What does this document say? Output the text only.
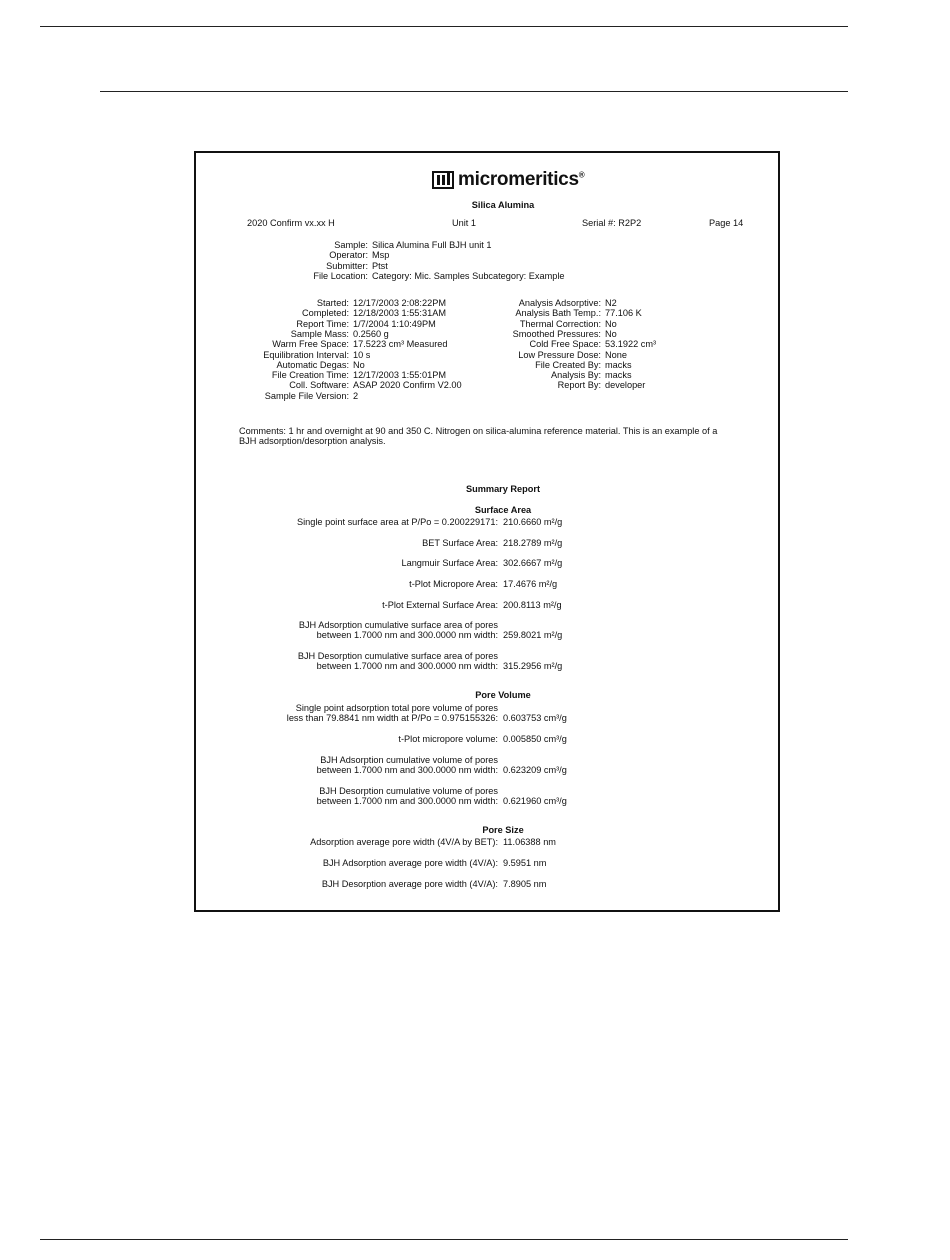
micromeritics®
Silica Alumina
2020 Confirm vx.xx H	Unit 1	Serial #: R2P2	Page 14
Sample: Silica Alumina Full BJH unit 1
Operator: Msp
Submitter: Ptst
File Location: Category: Mic. Samples Subcategory: Example
Started: 12/17/2003 2:08:22PM
Completed: 12/18/2003 1:55:31AM
Report Time: 1/7/2004 1:10:49PM
Sample Mass: 0.2560 g
Warm Free Space: 17.5223 cm³ Measured
Equilibration Interval: 10 s
Automatic Degas: No
File Creation Time: 12/17/2003 1:55:01PM
Coll. Software: ASAP 2020 Confirm V2.00
Sample File Version: 2
Analysis Adsorptive: N2
Analysis Bath Temp.: 77.106 K
Thermal Correction: No
Smoothed Pressures: No
Cold Free Space: 53.1922 cm³
Low Pressure Dose: None
File Created By: macks
Analysis By: macks
Report By: developer
Comments: 1 hr and overnight at 90 and 350 C. Nitrogen on silica-alumina reference material. This is an example of a
BJH adsorption/desorption analysis.
Summary Report
Surface Area
Single point surface area at P/Po = 0.200229171: 210.6660 m²/g
BET Surface Area: 218.2789 m²/g
Langmuir Surface Area: 302.6667 m²/g
t-Plot Micropore Area: 17.4676 m²/g
t-Plot External Surface Area: 200.8113 m²/g
BJH Adsorption cumulative surface area of pores
between 1.7000 nm and 300.0000 nm width: 259.8021 m²/g
BJH Desorption cumulative surface area of pores
between 1.7000 nm and 300.0000 nm width: 315.2956 m²/g
Pore Volume
Single point adsorption total pore volume of pores
less than 79.8841 nm width at P/Po = 0.975155326: 0.603753 cm³/g
t-Plot micropore volume: 0.005850 cm³/g
BJH Adsorption cumulative volume of pores
between 1.7000 nm and 300.0000 nm width: 0.623209 cm³/g
BJH Desorption cumulative volume of pores
between 1.7000 nm and 300.0000 nm width: 0.621960 cm³/g
Pore Size
Adsorption average pore width (4V/A by BET): 11.06388 nm
BJH Adsorption average pore width (4V/A): 9.5951 nm
BJH Desorption average pore width (4V/A): 7.8905 nm
